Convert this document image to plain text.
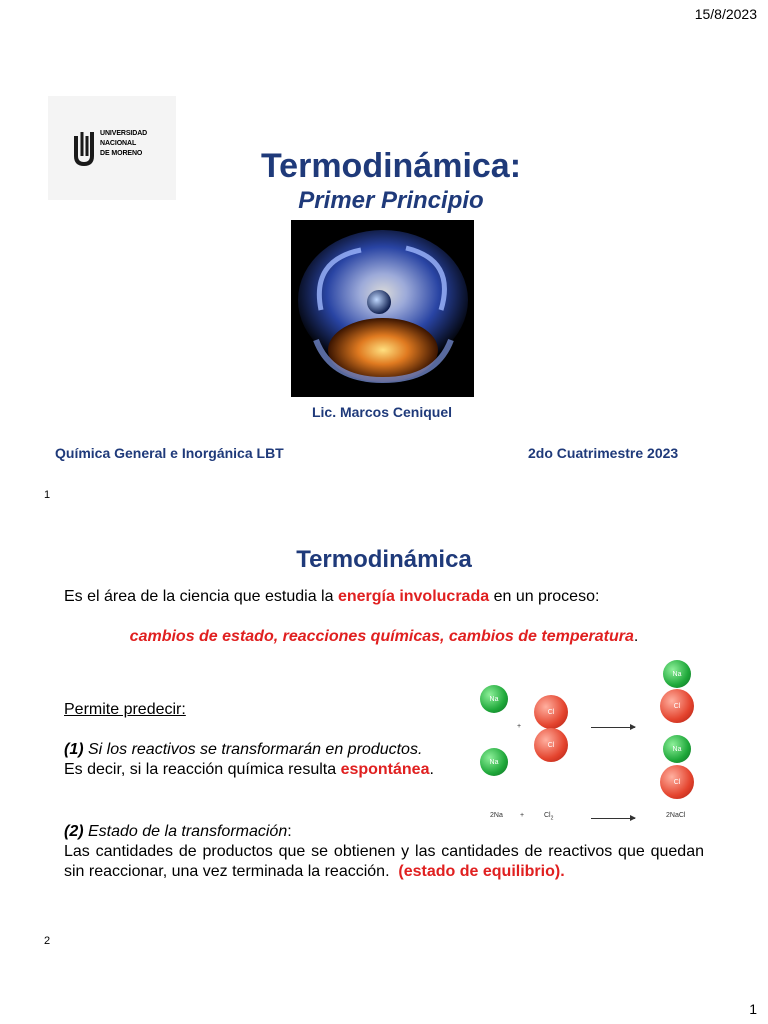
15/8/2023
UNIVERSIDAD
NACIONAL
DE MORENO	Termodinámica:
Primer Principio
Lic. Marcos Ceniquel
Química General e Inorgánica LBT	2do Cuatrimestre 2023
1
Termodinámica
Es el área de la ciencia que estudia la energía involucrada en un proceso:
cambios de estado, reacciones químicas, cambios de temperatura.
Permite predecir:
(1) Si los reactivos se transformarán en productos.
Es decir, si la reacción química resulta espontánea.
(2) Estado de la transformación:
Las cantidades de productos que se obtienen y las cantidades de reactivos que quedan sin reaccionar, una vez terminada la reacción. (estado de equilibrio).
Na
Na
+
Cl
Cl
Na
Cl
Na
Cl
2Na +	$Cl_2$	2NaCl
2
1
